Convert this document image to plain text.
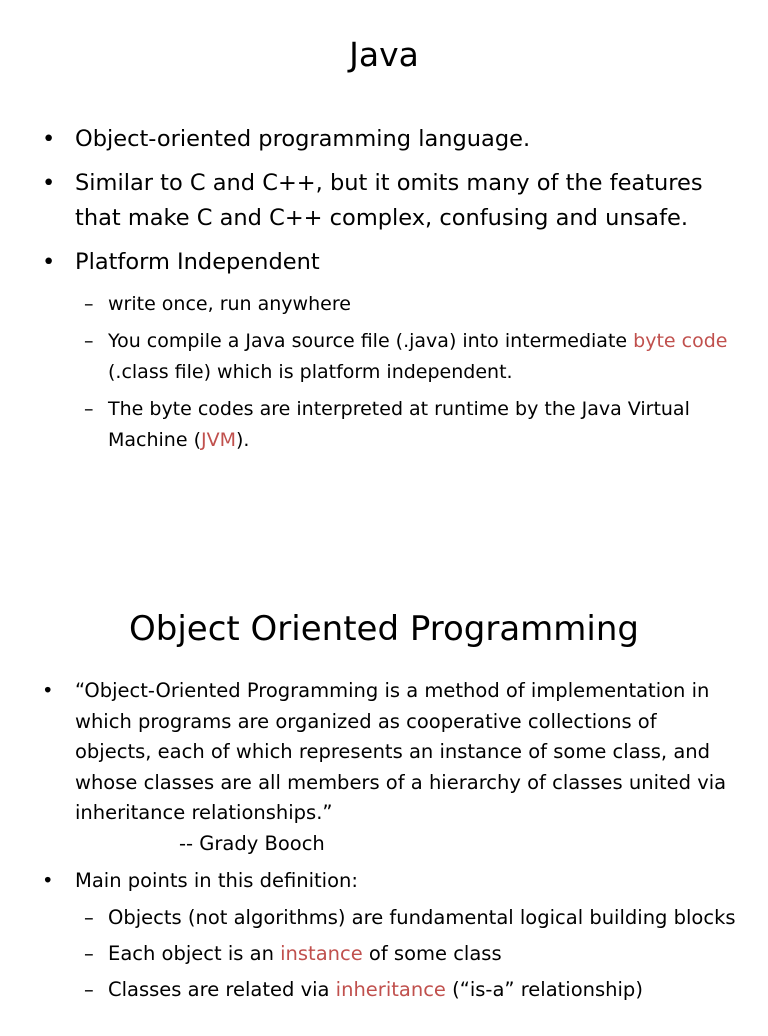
Java
• Object-oriented programming language.
• Similar to C and C++, but it omits many of the features that make C and C++ complex, confusing and unsafe.
• Platform Independent
– write once, run anywhere
– You compile a Java source file (.java) into intermediate byte code (.class file) which is platform independent.
– The byte codes are interpreted at runtime by the Java Virtual Machine (JVM).
Object Oriented Programming
• “Object-Oriented Programming is a method of implementation in which programs are organized as cooperative collections of objects, each of which represents an instance of some class, and whose classes are all members of a hierarchy of classes united via inheritance relationships.”
-- Grady Booch
• Main points in this definition:
– Objects (not algorithms) are fundamental logical building blocks
– Each object is an instance of some class
– Classes are related via inheritance (“is-a” relationship)
